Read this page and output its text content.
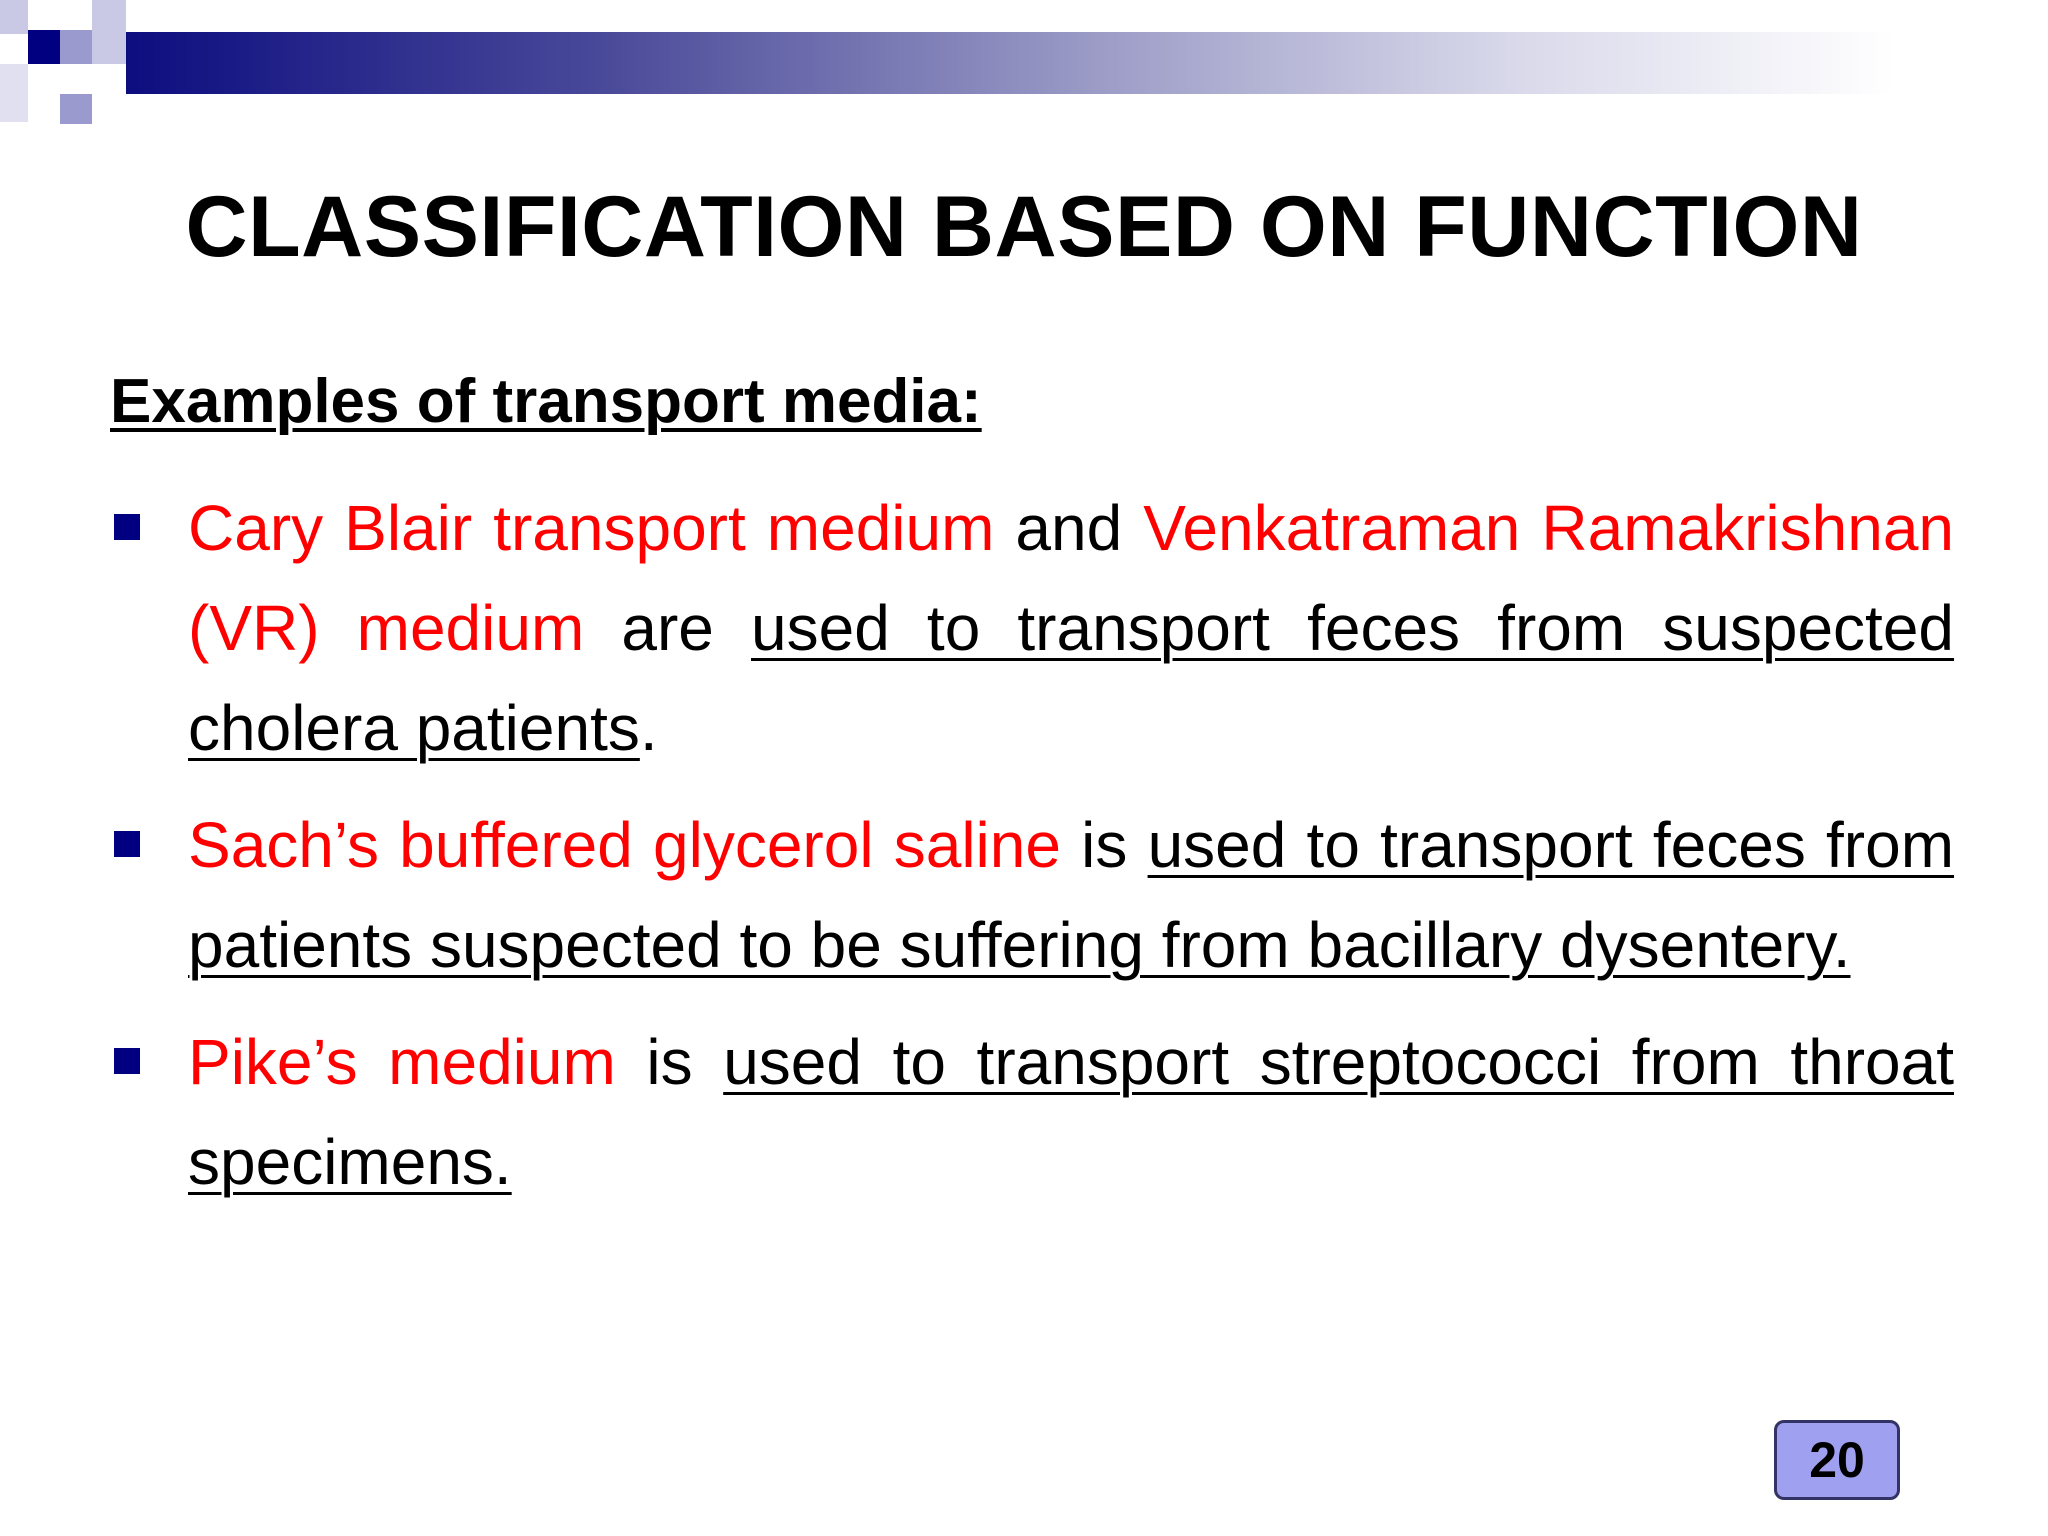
CLASSIFICATION BASED ON FUNCTION
Examples of transport media:
Cary Blair transport medium and Venkatraman Ramakrishnan (VR) medium are used to transport feces from suspected cholera patients.
Sach’s buffered glycerol saline is used to transport feces from patients suspected to be suffering from bacillary dysentery.
Pike’s medium is used to transport streptococci from throat specimens.
20
